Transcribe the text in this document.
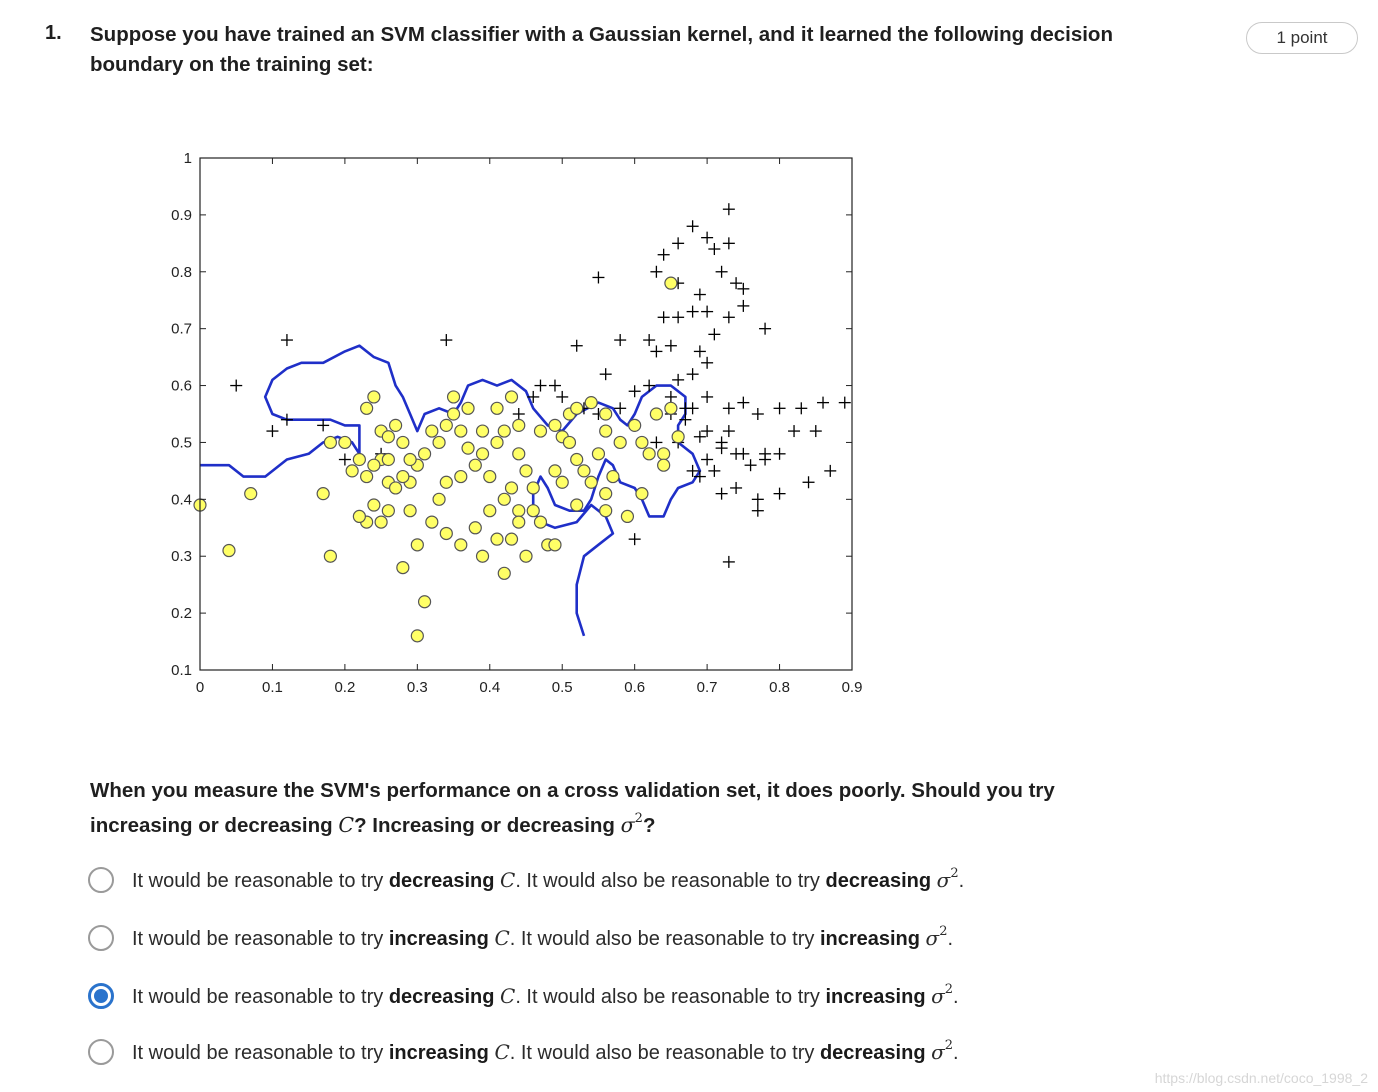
1. Suppose you have trained an SVM classifier with a Gaussian kernel, and it learned the following decision boundary on the training set:
1 point
0	0.1	0.2	0.3	0.4	0.5	0.6	0.7	0.8	0.9
0.1
0.2
0.3
0.4
0.5
0.6
0.7
0.8
0.9
1
When you measure the SVM's performance on a cross validation set, it does poorly. Should you try increasing or decreasing C? Increasing or decreasing $\sigma^2$?
It would be reasonable to try decreasing C. It would also be reasonable to try decreasing $\sigma^2$.
It would be reasonable to try increasing C. It would also be reasonable to try increasing $\sigma^2$.
It would be reasonable to try decreasing C. It would also be reasonable to try increasing $\sigma^2$.
It would be reasonable to try increasing C. It would also be reasonable to try decreasing $\sigma^2$.
https://blog.csdn.net/coco_1998_2
